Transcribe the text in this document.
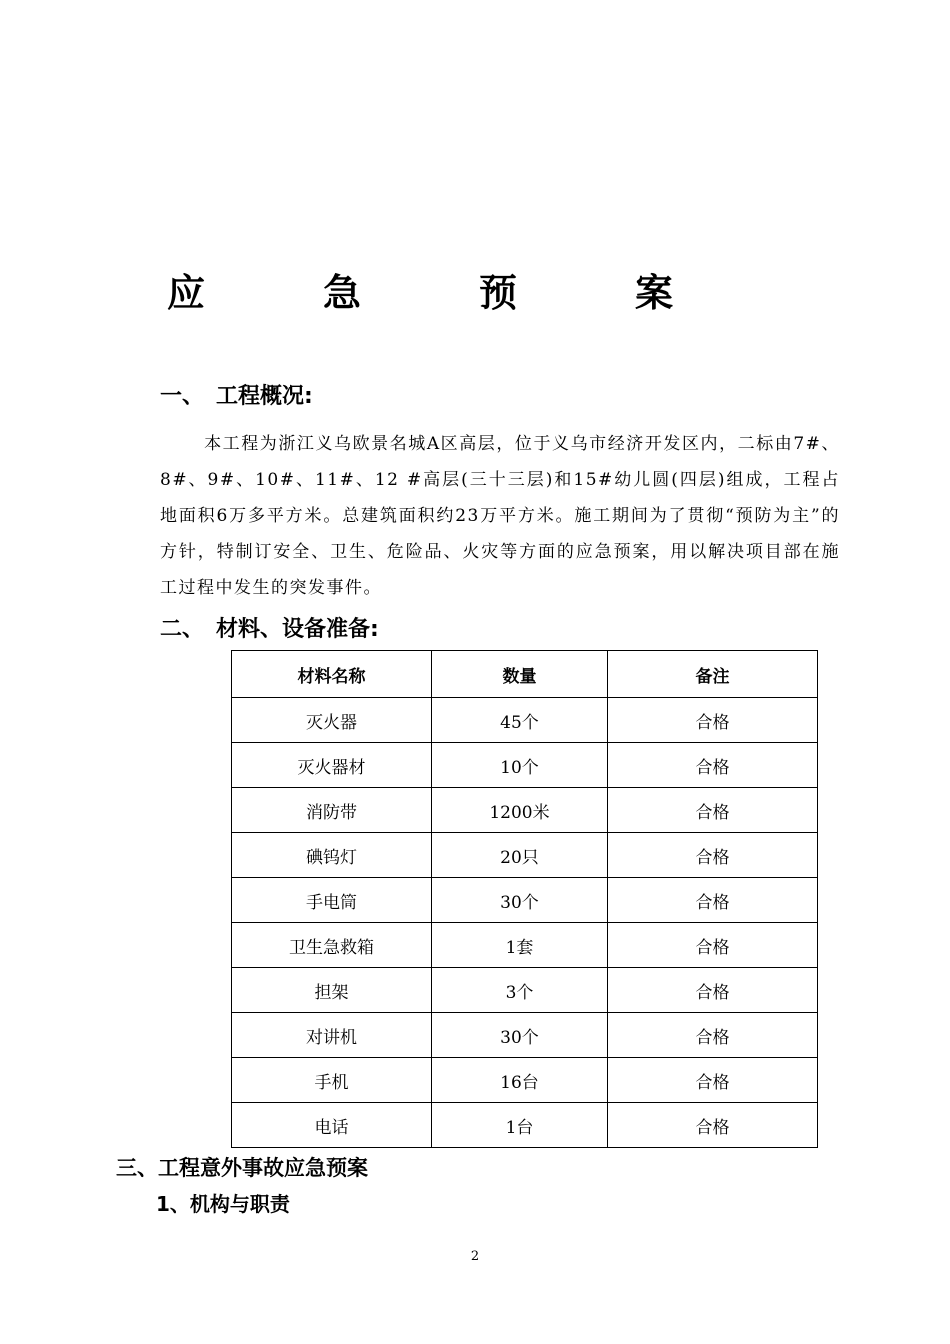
应　急　预　案
一、 工程概况:
本工程为浙江义乌欧景名城A区高层，位于义乌市经济开发区内，二标由7#、8#、9#、10#、11#、12 #高层(三十三层)和15#幼儿圆(四层)组成，工程占地面积6万多平方米。总建筑面积约23万平方米。施工期间为了贯彻“预防为主”的方针，特制订安全、卫生、危险品、火灾等方面的应急预案，用以解决项目部在施工过程中发生的突发事件。
二、 材料、设备准备:
材料名称	数量	备注
灭火器	45个	合格
灭火器材	10个	合格
消防带	1200米	合格
碘钨灯	20只	合格
手电筒	30个	合格
卫生急救箱	1套	合格
担架	3个	合格
对讲机	30个	合格
手机	16台	合格
电话	1台	合格
三、工程意外事故应急预案
1、机构与职责
2
